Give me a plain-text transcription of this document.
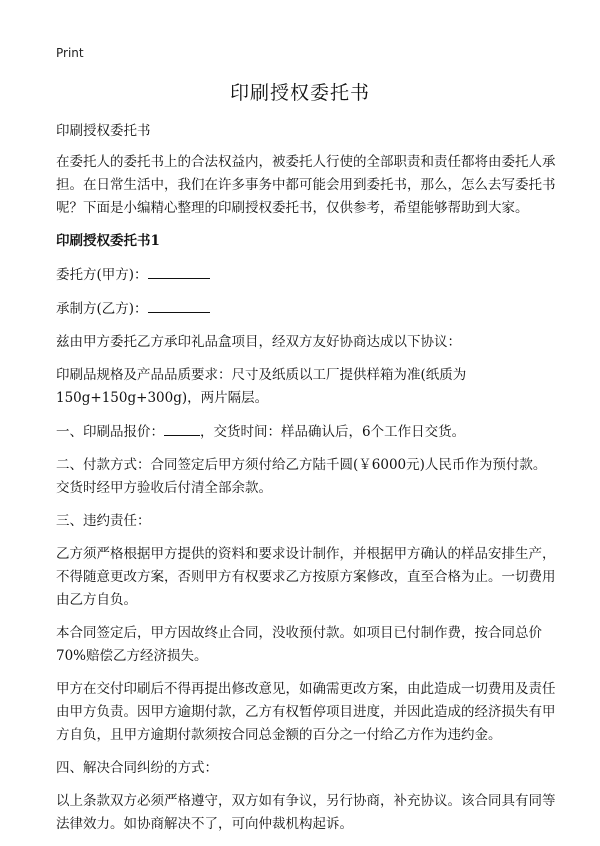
Print
印刷授权委托书

印刷授权委托书

在委托人的委托书上的合法权益内，被委托人行使的全部职责和责任都将由委托人承担。在日常生活中，我们在许多事务中都可能会用到委托书，那么，怎么去写委托书呢？下面是小编精心整理的印刷授权委托书，仅供参考，希望能够帮助到大家。

印刷授权委托书1

委托方(甲方)：

承制方(乙方)：

兹由甲方委托乙方承印礼品盒项目，经双方友好协商达成以下协议：

印刷品规格及产品品质要求：尺寸及纸质以工厂提供样箱为准(纸质为150g+150g+300g)，两片隔层。

一、印刷品报价：	，交货时间：样品确认后，6个工作日交货。

二、付款方式：合同签定后甲方须付给乙方陆千圆(￥6000元)人民币作为预付款。交货时经甲方验收后付清全部余款。

三、违约责任：

乙方须严格根据甲方提供的资料和要求设计制作，并根据甲方确认的样品安排生产，不得随意更改方案，否则甲方有权要求乙方按原方案修改，直至合格为止。一切费用由乙方自负。

本合同签定后，甲方因故终止合同，没收预付款。如项目已付制作费，按合同总价70%赔偿乙方经济损失。

甲方在交付印刷后不得再提出修改意见，如确需更改方案，由此造成一切费用及责任由甲方负责。因甲方逾期付款，乙方有权暂停项目进度，并因此造成的经济损失有甲方自负，且甲方逾期付款须按合同总金额的百分之一付给乙方作为违约金。

四、解决合同纠纷的方式：

以上条款双方必须严格遵守，双方如有争议，另行协商，补充协议。该合同具有同等法律效力。如协商解决不了，可向仲裁机构起诉。
